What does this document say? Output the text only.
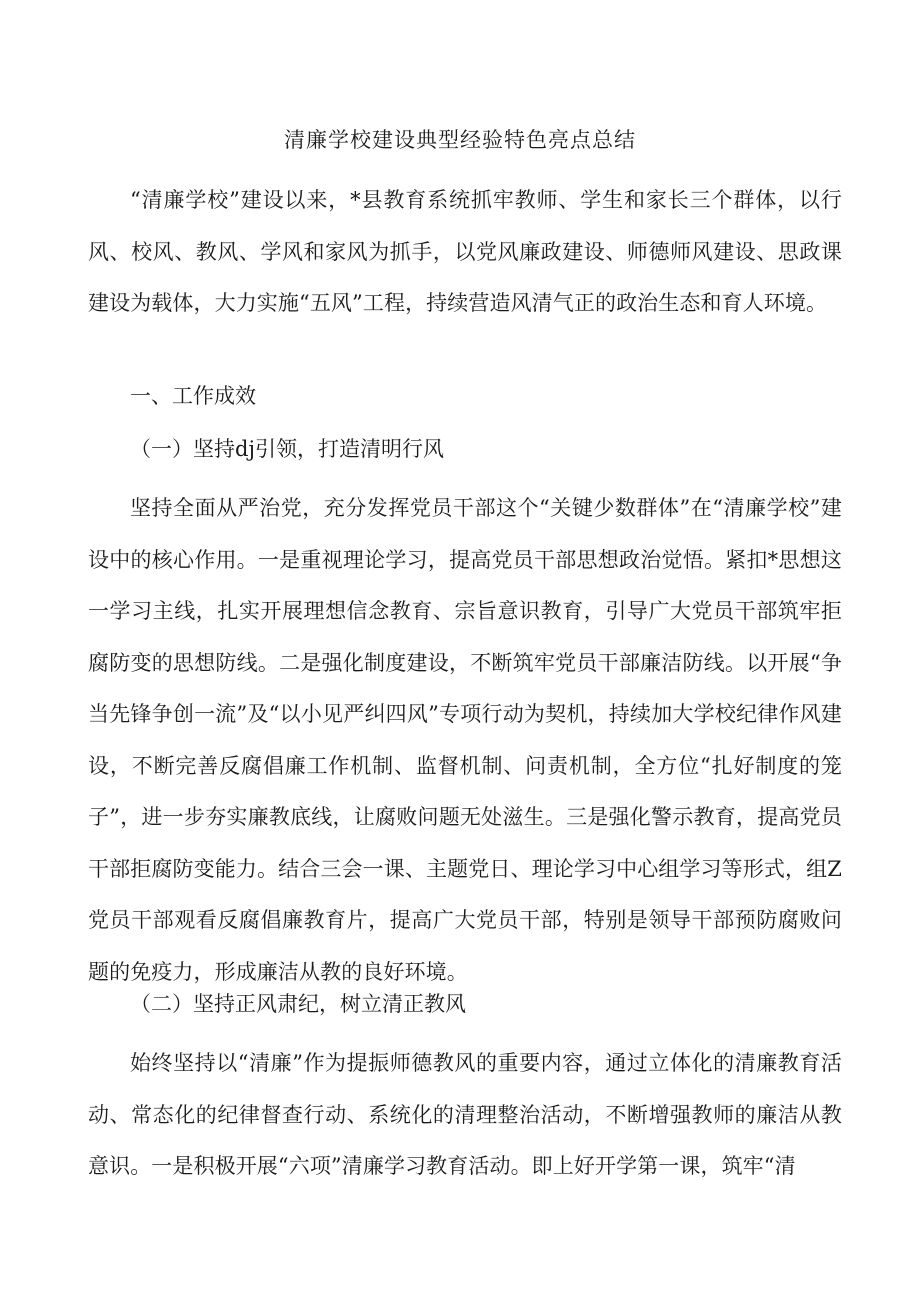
清廉学校建设典型经验特色亮点总结
“清廉学校”建设以来，*县教育系统抓牢教师、学生和家长三个群体，以行风、校风、教风、学风和家风为抓手，以党风廉政建设、师德师风建设、思政课建设为载体，大力实施“五风”工程，持续营造风清气正的政治生态和育人环境。
一、工作成效
（一）坚持dj引领，打造清明行风
坚持全面从严治党，充分发挥党员干部这个“关键少数群体”在“清廉学校”建设中的核心作用。一是重视理论学习，提高党员干部思想政治觉悟。紧扣*思想这一学习主线，扎实开展理想信念教育、宗旨意识教育，引导广大党员干部筑牢拒腐防变的思想防线。二是强化制度建设，不断筑牢党员干部廉洁防线。以开展“争当先锋争创一流”及“以小见严纠四风”专项行动为契机，持续加大学校纪律作风建设，不断完善反腐倡廉工作机制、监督机制、问责机制，全方位“扎好制度的笼子”，进一步夯实廉教底线，让腐败问题无处滋生。三是强化警示教育，提高党员干部拒腐防变能力。结合三会一课、主题党日、理论学习中心组学习等形式，组Z党员干部观看反腐倡廉教育片，提高广大党员干部，特别是领导干部预防腐败问题的免疫力，形成廉洁从教的良好环境。
（二）坚持正风肃纪，树立清正教风
始终坚持以“清廉”作为提振师德教风的重要内容，通过立体化的清廉教育活动、常态化的纪律督查行动、系统化的清理整治活动，不断增强教师的廉洁从教意识。一是积极开展“六项”清廉学习教育活动。即上好开学第一课，筑牢“清
